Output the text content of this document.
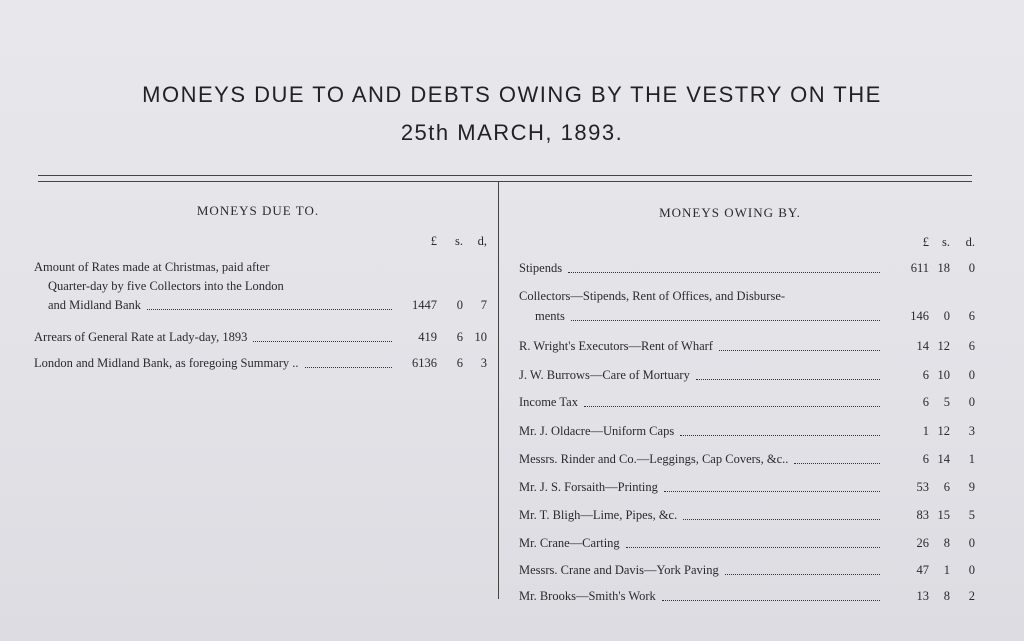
MONEYS DUE TO AND DEBTS OWING BY THE VESTRY ON THE
25th MARCH, 1893.
MONEYS DUE TO.	MONEYS OWING BY.
£	s.	d,
Amount of Rates made at Christmas, paid after
Quarter-day by five Collectors into the London
and Midland Bank	1447	0	7
Arrears of General Rate at Lady-day, 1893	419	6 10
London and Midland Bank, as foregoing Summary ..	6136	6	3
£	s.	d.
Stipends	611 18	0
Collectors—Stipends, Rent of Offices, and Disburse-
ments	146	0	6
R. Wright's Executors—Rent of Wharf	14 12	6
J. W. Burrows—Care of Mortuary	6 10	0
Income Tax	6	5	0
Mr. J. Oldacre—Uniform Caps	1 12	3
Messrs. Rinder and Co.—Leggings, Cap Covers, &c..	6 14	1
Mr. J. S. Forsaith—Printing	53	6	9
Mr. T. Bligh—Lime, Pipes, &c.	83 15	5
Mr. Crane—Carting	26	8	0
Messrs. Crane and Davis—York Paving	47	1	0
Mr. Brooks—Smith's Work	13	8	2
